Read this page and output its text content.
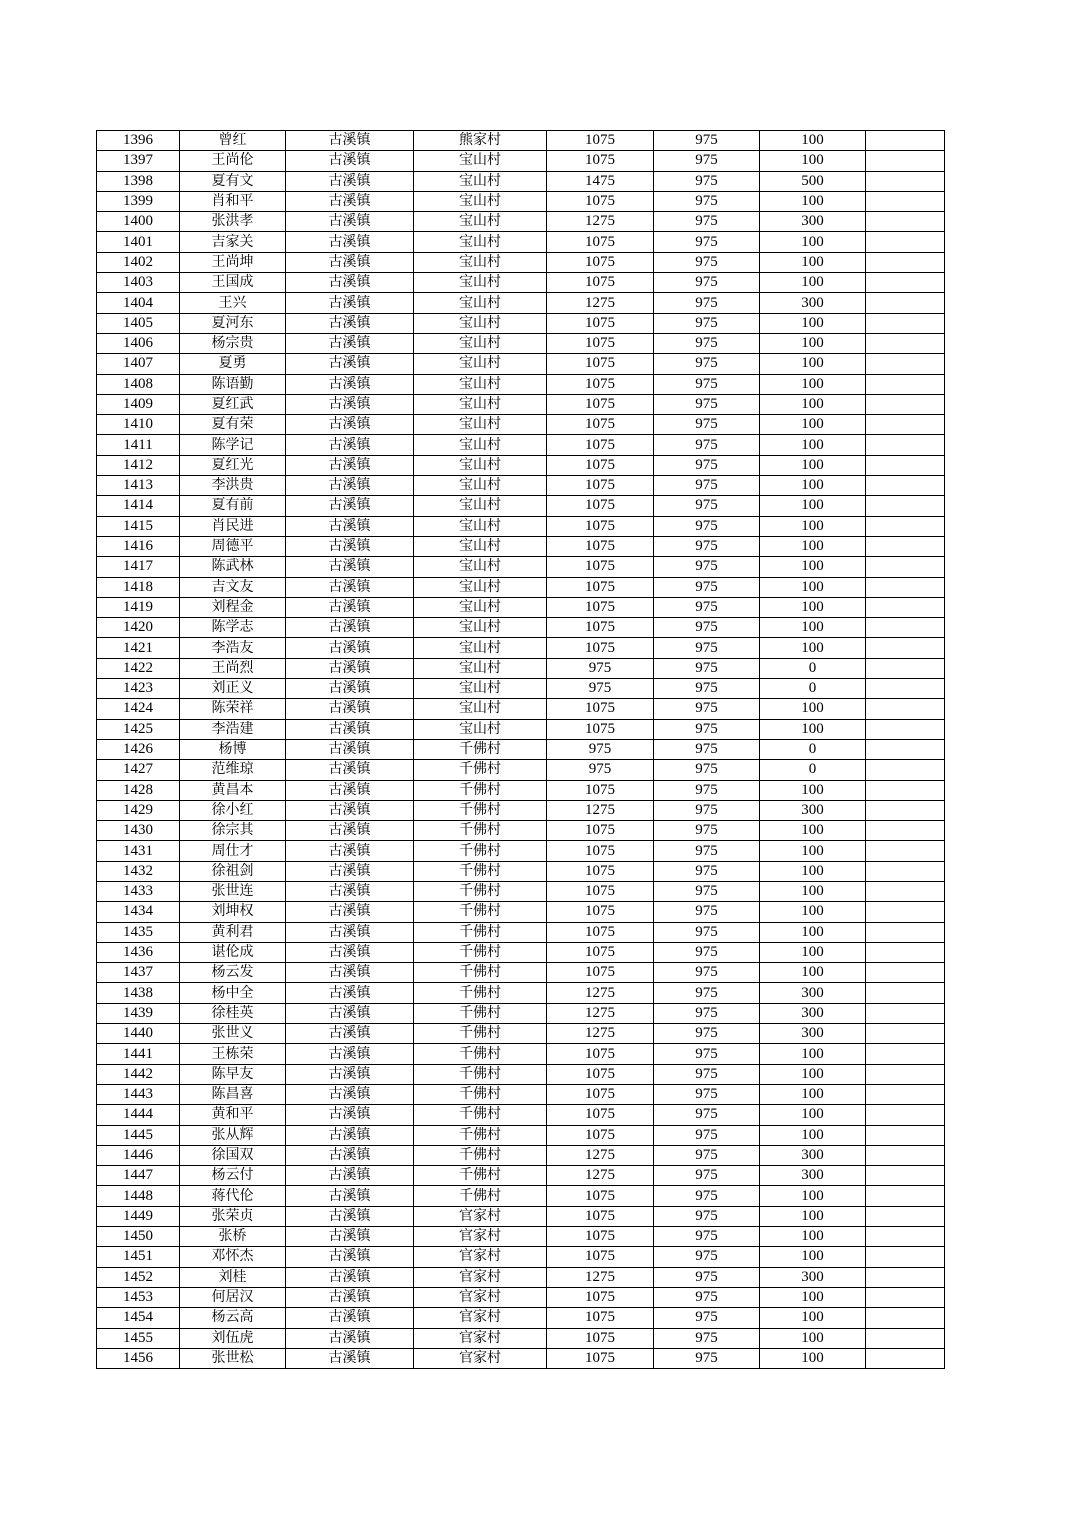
1396	曾红	古溪镇	熊家村	1075	975	100	
1397	王尚伦	古溪镇	宝山村	1075	975	100	
1398	夏有文	古溪镇	宝山村	1475	975	500	
1399	肖和平	古溪镇	宝山村	1075	975	100	
1400	张洪孝	古溪镇	宝山村	1275	975	300	
1401	吉家关	古溪镇	宝山村	1075	975	100	
1402	王尚坤	古溪镇	宝山村	1075	975	100	
1403	王国成	古溪镇	宝山村	1075	975	100	
1404	王兴	古溪镇	宝山村	1275	975	300	
1405	夏河东	古溪镇	宝山村	1075	975	100	
1406	杨宗贵	古溪镇	宝山村	1075	975	100	
1407	夏勇	古溪镇	宝山村	1075	975	100	
1408	陈语勤	古溪镇	宝山村	1075	975	100	
1409	夏红武	古溪镇	宝山村	1075	975	100	
1410	夏有荣	古溪镇	宝山村	1075	975	100	
1411	陈学记	古溪镇	宝山村	1075	975	100	
1412	夏红光	古溪镇	宝山村	1075	975	100	
1413	李洪贵	古溪镇	宝山村	1075	975	100	
1414	夏有前	古溪镇	宝山村	1075	975	100	
1415	肖民进	古溪镇	宝山村	1075	975	100	
1416	周德平	古溪镇	宝山村	1075	975	100	
1417	陈武林	古溪镇	宝山村	1075	975	100	
1418	吉文友	古溪镇	宝山村	1075	975	100	
1419	刘程金	古溪镇	宝山村	1075	975	100	
1420	陈学志	古溪镇	宝山村	1075	975	100	
1421	李浩友	古溪镇	宝山村	1075	975	100	
1422	王尚烈	古溪镇	宝山村	975	975	0	
1423	刘正义	古溪镇	宝山村	975	975	0	
1424	陈荣祥	古溪镇	宝山村	1075	975	100	
1425	李浩建	古溪镇	宝山村	1075	975	100	
1426	杨博	古溪镇	千佛村	975	975	0	
1427	范维琼	古溪镇	千佛村	975	975	0	
1428	黄昌本	古溪镇	千佛村	1075	975	100	
1429	徐小红	古溪镇	千佛村	1275	975	300	
1430	徐宗其	古溪镇	千佛村	1075	975	100	
1431	周仕才	古溪镇	千佛村	1075	975	100	
1432	徐祖剑	古溪镇	千佛村	1075	975	100	
1433	张世连	古溪镇	千佛村	1075	975	100	
1434	刘坤权	古溪镇	千佛村	1075	975	100	
1435	黄利君	古溪镇	千佛村	1075	975	100	
1436	谌伦成	古溪镇	千佛村	1075	975	100	
1437	杨云发	古溪镇	千佛村	1075	975	100	
1438	杨中全	古溪镇	千佛村	1275	975	300	
1439	徐桂英	古溪镇	千佛村	1275	975	300	
1440	张世义	古溪镇	千佛村	1275	975	300	
1441	王栋荣	古溪镇	千佛村	1075	975	100	
1442	陈早友	古溪镇	千佛村	1075	975	100	
1443	陈昌喜	古溪镇	千佛村	1075	975	100	
1444	黄和平	古溪镇	千佛村	1075	975	100	
1445	张从辉	古溪镇	千佛村	1075	975	100	
1446	徐国双	古溪镇	千佛村	1275	975	300	
1447	杨云付	古溪镇	千佛村	1275	975	300	
1448	蒋代伦	古溪镇	千佛村	1075	975	100	
1449	张荣贞	古溪镇	官家村	1075	975	100	
1450	张桥	古溪镇	官家村	1075	975	100	
1451	邓怀杰	古溪镇	官家村	1075	975	100	
1452	刘桂	古溪镇	官家村	1275	975	300	
1453	何居汉	古溪镇	官家村	1075	975	100	
1454	杨云高	古溪镇	官家村	1075	975	100	
1455	刘伍虎	古溪镇	官家村	1075	975	100	
1456	张世松	古溪镇	官家村	1075	975	100	
